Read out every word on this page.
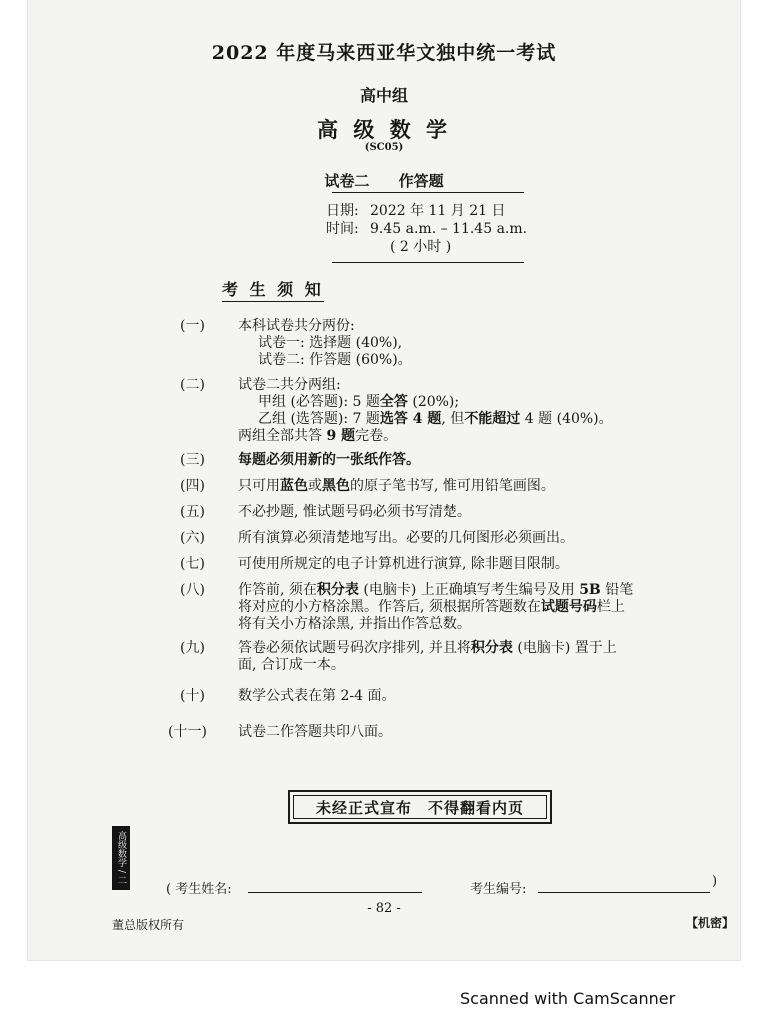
2022 年度马来西亚华文独中统一考试
高中组
高 级 数 学
(SC05)
试卷二 作答题
日期: 2022 年 11 月 21 日
时间: 9.45 a.m. – 11.45 a.m.
( 2 小时 )
考 生 须 知
(一)	本科试卷共分两份:
试卷一: 选择题 (40%),
试卷二: 作答题 (60%)。
(二)	试卷二共分两组:
甲组 (必答题): 5 题全答 (20%);
乙组 (选答题): 7 题选答 4 题, 但不能超过 4 题 (40%)。
两组全部共答 9 题完卷。
(三)	每题必须用新的一张纸作答。
(四)	只可用蓝色或黑色的原子笔书写, 惟可用铅笔画图。
(五)	不必抄题, 惟试题号码必须书写清楚。
(六)	所有演算必须清楚地写出。必要的几何图形必须画出。
(七)	可使用所规定的电子计算机进行演算, 除非题目限制。
(八)	作答前, 须在积分表 (电脑卡) 上正确填写考生编号及用 5B 铅笔
将对应的小方格涂黑。作答后, 须根据所答题数在试题号码栏上
将有关小方格涂黑, 并指出作答总数。
(九)	答卷必须依试题号码次序排列, 并且将积分表 (电脑卡) 置于上
面, 合订成一本。
(十)	数学公式表在第 2-4 面。
(十一)	试卷二作答题共印八面。
未经正式宣布　不得翻看内页
高级数学 / 二
( 考生姓名:	考生编号:
)
- 82 -
董总版权所有	【机密】
Scanned with CamScanner
